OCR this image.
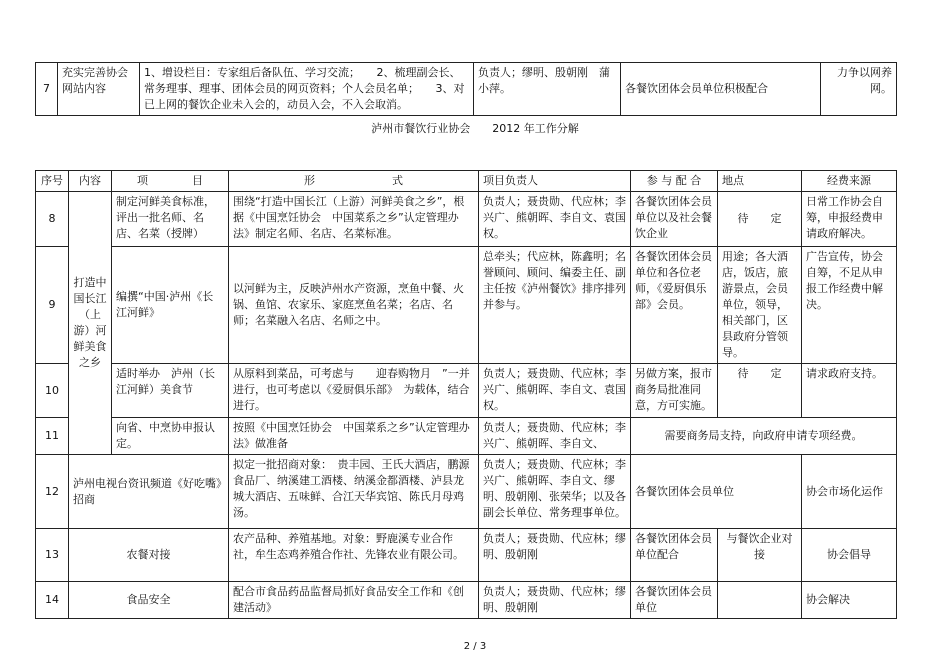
7	充实完善协会网站内容	1、增设栏目：专家组后备队伍、学习交流；　　2、梳理副会长、常务理事、理事、团体会员的网页资料；个人会员名单；　　3、对已上网的餐饮企业未入会的，动员入会，不入会取消。	负责人；缪明、殷朝刚　蒲小萍。	各餐饮团体会员单位积极配合	力争以网养网。
泸州市餐饮行业协会　　2012 年工作分解
序号	内容	项　　　　目	形　　　　　　　式	项目负责人	参 与 配 合	地点	经费来源
8	打造中国长江（上游）河鲜美食之乡	制定河鲜美食标准，评出一批名师、名店、名菜（授牌）	围绕“打造中国长江（上游）河鲜美食之乡”，根据《中国烹饪协会　中国菜系之乡”认定管理办法》制定名师、名店、名菜标准。	负责人；聂贵勋、代应林；李兴广、熊朝晖、李自文、袁国权。	各餐饮团体会员单位以及社会餐饮企业	待　　定	日常工作协会自筹，申报经费申请政府解决。
9		编撰“中国·泸州《长江河鲜》	以河鲜为主，反映泸州水产资源，烹鱼中餐、火锅、鱼馆、农家乐、家庭烹鱼名菜；名店、名师；名菜融入名店、名师之中。	总牵头；代应林，陈鑫明；名誉顾问、顾问、编委主任、副主任按《泸州餐饮》排序排列并参与。	各餐饮团体会员单位和各位老师，《爱厨俱乐部》会员。	用途；各大酒店，饭店，旅游景点，会员单位，领导，相关部门，区县政府分管领导。	广告宣传，协会自筹，不足从申报工作经费中解决。
10		适时举办　泸州（长江河鲜）美食节	从原料到菜品，可考虑与　　迎春购物月　”一并进行，也可考虑以《爱厨俱乐部》　为载体，结合进行。	负责人；聂贵勋、代应林；李兴广、熊朝晖、李自文、袁国权。	另做方案，报市商务局批准同意，方可实施。	待　　定	请求政府支持。
11		向省、中烹协申报认定。	按照《中国烹饪协会　中国菜系之乡”认定管理办法》做准备	负责人；聂贵勋、代应林；李兴广、熊朝晖、李自文、	需要商务局支持，向政府申请专项经费。		
12	泸州电视台资讯频道《好吃嘴》招商		拟定一批招商对象：　贵丰园、王氏大酒店，鹏源食品厂、纳溪建工酒楼、纳溪金都酒楼、泸县龙城大酒店、五味鲜、合江天华宾馆、陈氏月母鸡汤。	负责人；聂贵勋、代应林；李兴广、熊朝晖、李自文、缪明、殷朝刚、张荣华；以及各副会长单位、常务理事单位。	各餐饮团体会员单位		协会市场化运作
13	农餐对接		农产品种、养殖基地。对象：野鹿溪专业合作社，牟生态鸡养殖合作社、先锋农业有限公司。	负责人；聂贵勋、代应林；缪明、殷朝刚	各餐饮团体会员单位配合	与餐饮企业对接	协会倡导
14	食品安全		配合市食品药品监督局抓好食品安全工作和《创建活动》	负责人；聂贵勋、代应林；缪明、殷朝刚	各餐饮团体会员单位		协会解决
2 / 3
